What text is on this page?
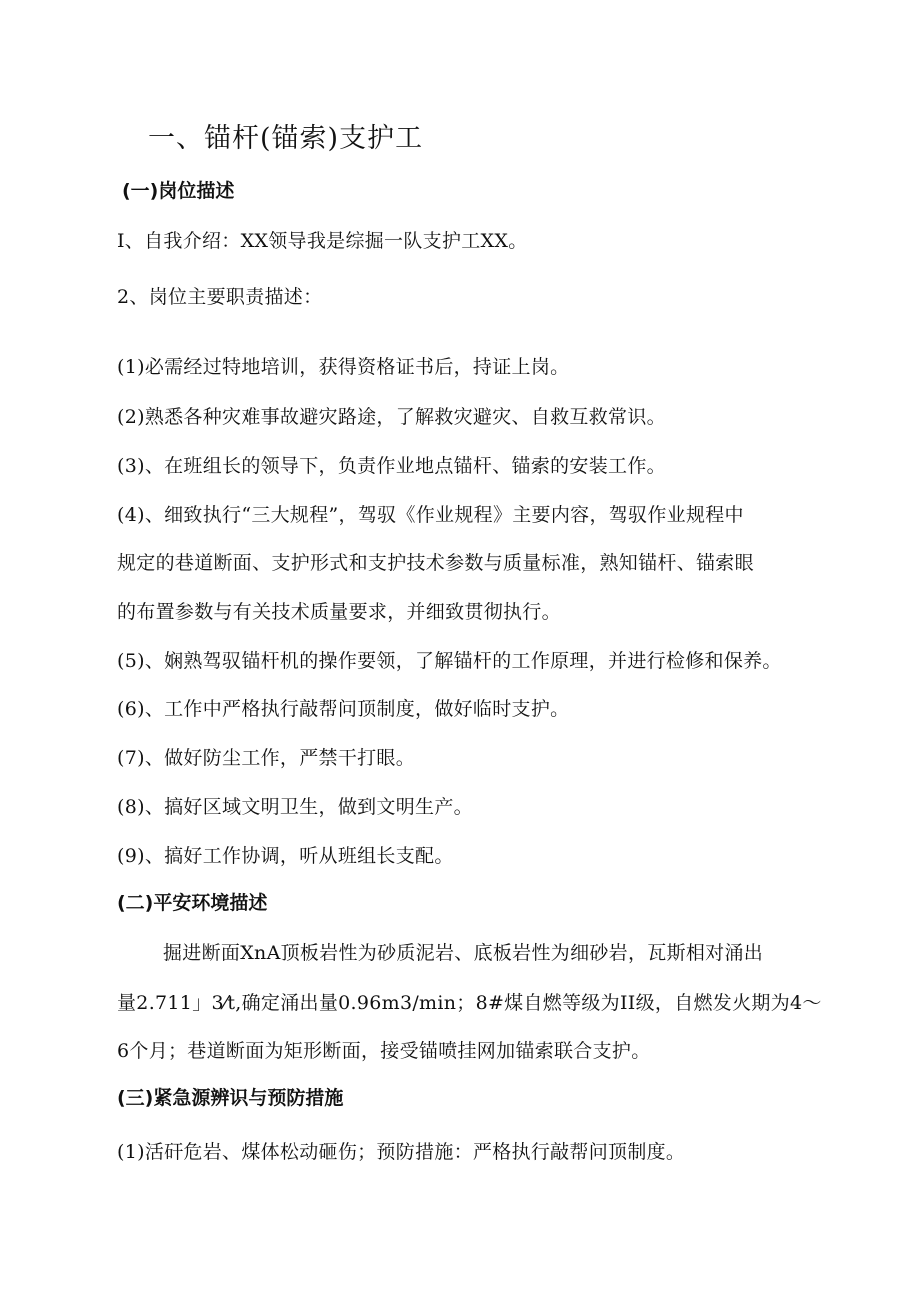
一、锚杆(锚索)支护工
(一)岗位描述
I、自我介绍：XX领导我是综掘一队支护工XX。
2、岗位主要职责描述：
(1)必需经过特地培训，获得资格证书后，持证上岗。
(2)熟悉各种灾难事故避灾路途，了解救灾避灾、自救互救常识。
(3)、在班组长的领导下，负责作业地点锚杆、锚索的安装工作。
(4)、细致执行“三大规程”，驾驭《作业规程》主要内容，驾驭作业规程中
规定的巷道断面、支护形式和支护技术参数与质量标准，熟知锚杆、锚索眼
的布置参数与有关技术质量要求，并细致贯彻执行。
(5)、娴熟驾驭锚杆机的操作要领，了解锚杆的工作原理，并进行检修和保养。
(6)、工作中严格执行敲帮问顶制度，做好临时支护。
(7)、做好防尘工作，严禁干打眼。
(8)、搞好区域文明卫生，做到文明生产。
(9)、搞好工作协调，听从班组长支配。
(二)平安环境描述
掘进断面XnA顶板岩性为砂质泥岩、底板岩性为细砂岩，瓦斯相对涌出
量2.711」3⁄t,确定涌出量0.96m3/min；8#煤自燃等级为II级，自燃发火期为4～
6个月；巷道断面为矩形断面，接受锚喷挂网加锚索联合支护。
(三)紧急源辨识与预防措施
(1)活矸危岩、煤体松动砸伤；预防措施：严格执行敲帮问顶制度。
